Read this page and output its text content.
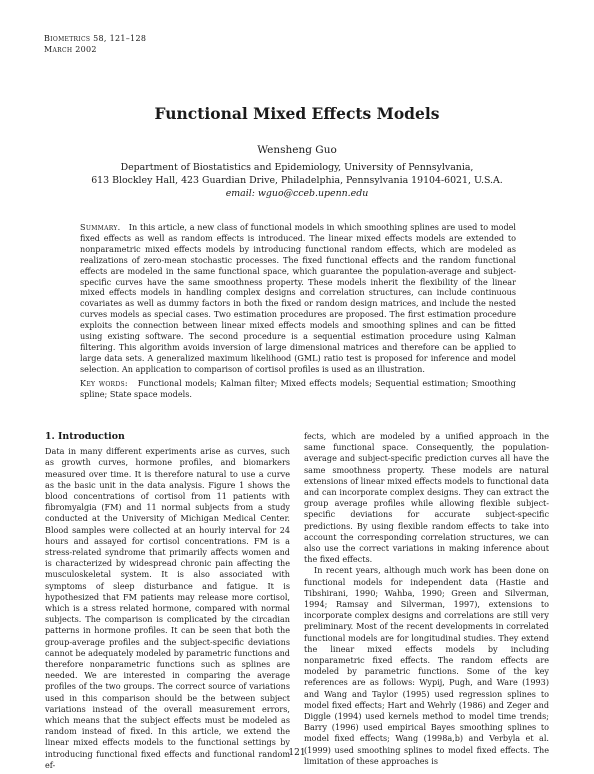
Biometrics 58, 121–128
March 2002
Functional Mixed Effects Models
Wensheng Guo
Department of Biostatistics and Epidemiology, University of Pennsylvania,
613 Blockley Hall, 423 Guardian Drive, Philadelphia, Pennsylvania 19104-6021, U.S.A.
email: wguo@cceb.upenn.edu

Summary. In this article, a new class of functional models in which smoothing splines are used to model fixed effects as well as random effects is introduced. The linear mixed effects models are extended to nonparametric mixed effects models by introducing functional random effects, which are modeled as realizations of zero-mean stochastic processes. The fixed functional effects and the random functional effects are modeled in the same functional space, which guarantee the population-average and subject-specific curves have the same smoothness property. These models inherit the flexibility of the linear mixed effects models in handling complex designs and correlation structures, can include continuous covariates as well as dummy factors in both the fixed or random design matrices, and include the nested curves models as special cases. Two estimation procedures are proposed. The first estimation procedure exploits the connection between linear mixed effects models and smoothing splines and can be fitted using existing software. The second procedure is a sequential estimation procedure using Kalman filtering. This algorithm avoids inversion of large dimensional matrices and therefore can be applied to large data sets. A generalized maximum likelihood (GML) ratio test is proposed for inference and model selection. An application to comparison of cortisol profiles is used as an illustration.

Key words: Functional models; Kalman filter; Mixed effects models; Sequential estimation; Smoothing spline; State space models.

1. Introduction

Data in many different experiments arise as curves, such as growth curves, hormone profiles, and biomarkers measured over time. It is therefore natural to use a curve as the basic unit in the data analysis. Figure 1 shows the blood concentrations of cortisol from 11 patients with fibromyalgia (FM) and 11 normal subjects from a study conducted at the University of Michigan Medical Center. Blood samples were collected at an hourly interval for 24 hours and assayed for cortisol concentrations. FM is a stress-related syndrome that primarily affects women and is characterized by widespread chronic pain affecting the musculoskeletal system. It is also associated with symptoms of sleep disturbance and fatigue. It is hypothesized that FM patients may release more cortisol, which is a stress related hormone, compared with normal subjects. The comparison is complicated by the circadian patterns in hormone profiles. It can be seen that both the group-average profiles and the subject-specific deviations cannot be adequately modeled by parametric functions and therefore nonparametric functions such as splines are needed. We are interested in comparing the average profiles of the two groups. The correct source of variations used in this comparison should be the between subject variations instead of the overall measurement errors, which means that the subject effects must be modeled as random instead of fixed. In this article, we extend the linear mixed effects models to the functional settings by introducing functional fixed effects and functional random ef-

fects, which are modeled by a unified approach in the same functional space. Consequently, the population-average and subject-specific prediction curves all have the same smoothness property. These models are natural extensions of linear mixed effects models to functional data and can incorporate complex designs. They can extract the group average profiles while allowing flexible subject-specific deviations for accurate subject-specific predictions. By using flexible random effects to take into account the corresponding correlation structures, we can also use the correct variations in making inference about the fixed effects.

In recent years, although much work has been done on functional models for independent data (Hastie and Tibshirani, 1990; Wahba, 1990; Green and Silverman, 1994; Ramsay and Silverman, 1997), extensions to incorporate complex designs and correlations are still very preliminary. Most of the recent developments in correlated functional models are for longitudinal studies. They extend the linear mixed effects models by including nonparametric fixed effects. The random effects are modeled by parametric functions. Some of the key references are as follows: Wypij, Pugh, and Ware (1993) and Wang and Taylor (1995) used regression splines to model fixed effects; Hart and Wehrly (1986) and Zeger and Diggle (1994) used kernels method to model time trends; Barry (1996) used empirical Bayes smoothing splines to model fixed effects; Wang (1998a,b) and Verbyla et al. (1999) used smoothing splines to model fixed effects. The limitation of these approaches is

121
